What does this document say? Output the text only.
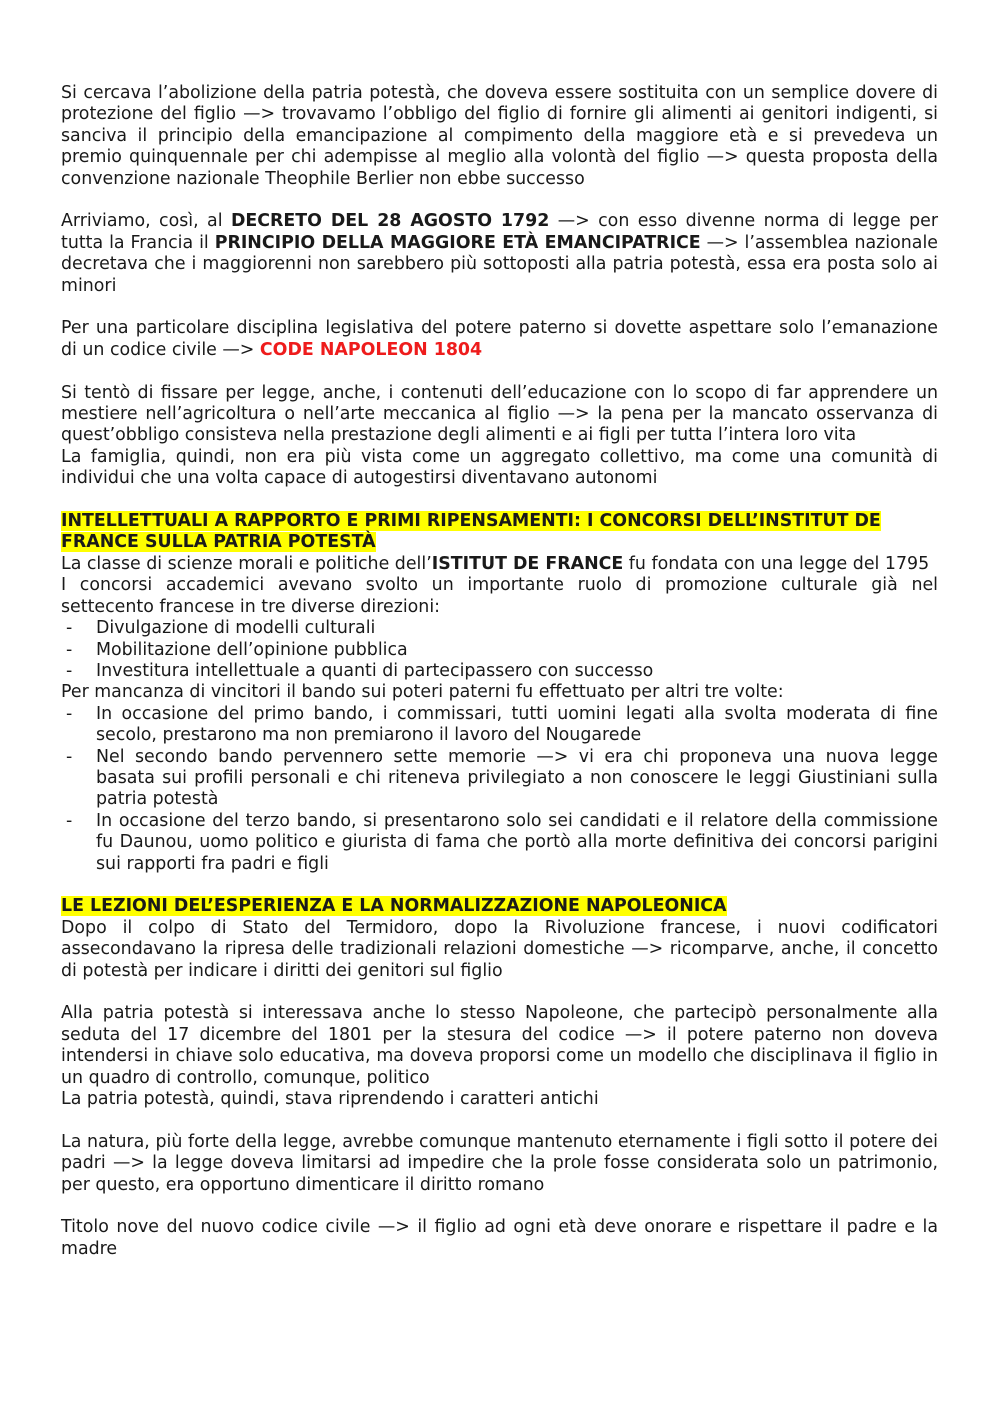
Si cercava l’abolizione della patria potestà, che doveva essere sostituita con un semplice dovere di protezione del figlio —> trovavamo l’obbligo del figlio di fornire gli alimenti ai genitori indigenti, si sanciva il principio della emancipazione al compimento della maggiore età e si prevedeva un premio quinquennale per chi adempisse al meglio alla volontà del figlio —> questa proposta della convenzione nazionale Theophile Berlier non ebbe successo

Arriviamo, così, al DECRETO DEL 28 AGOSTO 1792 —> con esso divenne norma di legge per tutta la Francia il PRINCIPIO DELLA MAGGIORE ETÀ EMANCIPATRICE —> l’assemblea nazionale decretava che i maggiorenni non sarebbero più sottoposti alla patria potestà, essa era posta solo ai minori

Per una particolare disciplina legislativa del potere paterno si dovette aspettare solo l’emanazione di un codice civile —> CODE NAPOLEON 1804

Si tentò di fissare per legge, anche, i contenuti dell’educazione con lo scopo di far apprendere un mestiere nell’agricoltura o nell’arte meccanica al figlio —> la pena per la mancato osservanza di quest’obbligo consisteva nella prestazione degli alimenti e ai figli per tutta l’intera loro vita

La famiglia, quindi, non era più vista come un aggregato collettivo, ma come una comunità di individui che una volta capace di autogestirsi diventavano autonomi

INTELLETTUALI A RAPPORTO E PRIMI RIPENSAMENTI: I CONCORSI DELL’INSTITUT DE FRANCE SULLA PATRIA POTESTÀ

La classe di scienze morali e politiche dell’ISTITUT DE FRANCE fu fondata con una legge del 1795

I concorsi accademici avevano svolto un importante ruolo di promozione culturale già nel settecento francese in tre diverse direzioni:

- Divulgazione di modelli culturali
- Mobilitazione dell’opinione pubblica
- Investitura intellettuale a quanti di partecipassero con successo

Per mancanza di vincitori il bando sui poteri paterni fu effettuato per altri tre volte:

- In occasione del primo bando, i commissari, tutti uomini legati alla svolta moderata di fine secolo, prestarono ma non premiarono il lavoro del Nougarede
- Nel secondo bando pervennero sette memorie —> vi era chi proponeva una nuova legge basata sui profili personali e chi riteneva privilegiato a non conoscere le leggi Giustiniani sulla patria potestà
- In occasione del terzo bando, si presentarono solo sei candidati e il relatore della commissione fu Daunou, uomo politico e giurista di fama che portò alla morte definitiva dei concorsi parigini sui rapporti fra padri e figli

LE LEZIONI DEL’ESPERIENZA E LA NORMALIZZAZIONE NAPOLEONICA

Dopo il colpo di Stato del Termidoro, dopo la Rivoluzione francese, i nuovi codificatori assecondavano la ripresa delle tradizionali relazioni domestiche —> ricomparve, anche, il concetto di potestà per indicare i diritti dei genitori sul figlio

Alla patria potestà si interessava anche lo stesso Napoleone, che partecipò personalmente alla seduta del 17 dicembre del 1801 per la stesura del codice —> il potere paterno non doveva intendersi in chiave solo educativa, ma doveva proporsi come un modello che disciplinava il figlio in un quadro di controllo, comunque, politico

La patria potestà, quindi, stava riprendendo i caratteri antichi

La natura, più forte della legge, avrebbe comunque mantenuto eternamente i figli sotto il potere dei padri —> la legge doveva limitarsi ad impedire che la prole fosse considerata solo un patrimonio, per questo, era opportuno dimenticare il diritto romano

Titolo nove del nuovo codice civile —> il figlio ad ogni età deve onorare e rispettare il padre e la madre
